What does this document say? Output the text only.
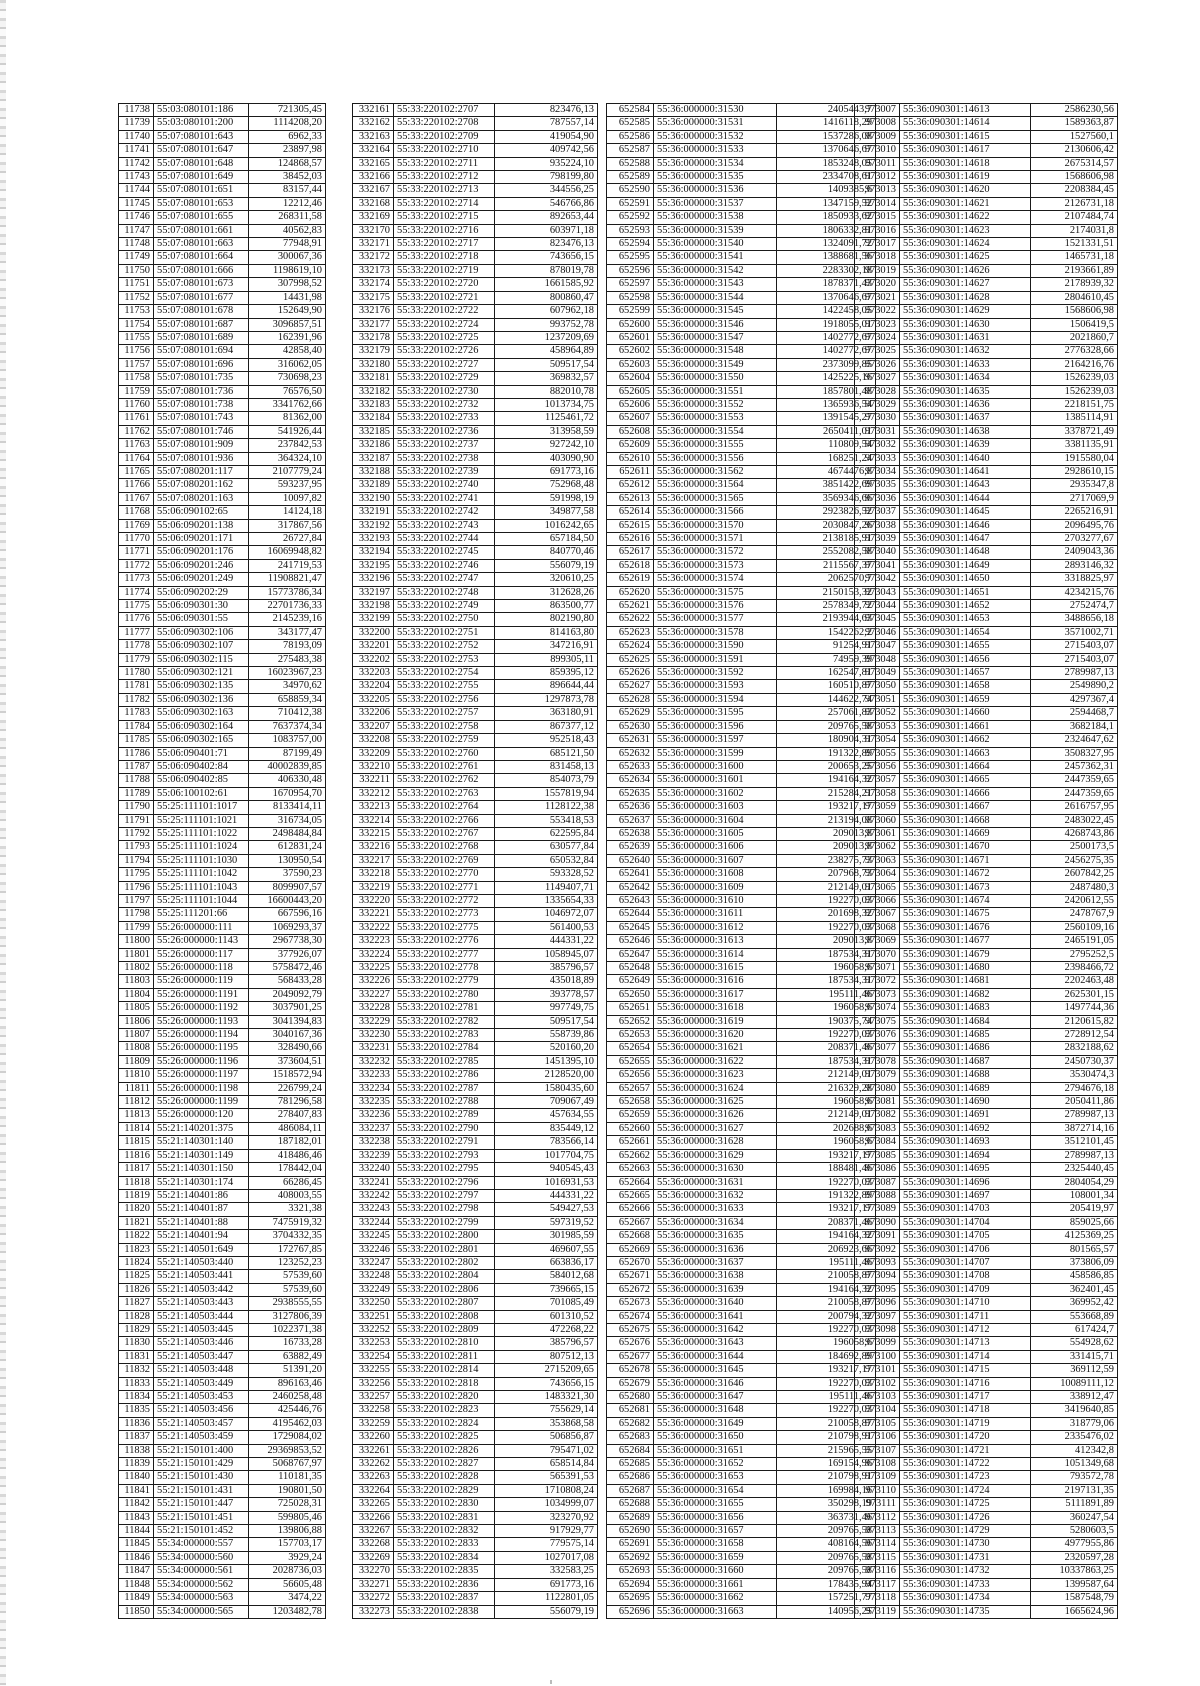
11738	55:03:080101:186	721305,45
11739	55:03:080101:200	1114208,20
11740	55:07:080101:643	6962,33
11741	55:07:080101:647	23897,98
11742	55:07:080101:648	124868,57
11743	55:07:080101:649	38452,03
11744	55:07:080101:651	83157,44
11745	55:07:080101:653	12212,46
11746	55:07:080101:655	268311,58
11747	55:07:080101:661	40562,83
11748	55:07:080101:663	77948,91
11749	55:07:080101:664	300067,36
11750	55:07:080101:666	1198619,10
11751	55:07:080101:673	307998,52
11752	55:07:080101:677	14431,98
11753	55:07:080101:678	152649,90
11754	55:07:080101:687	3096857,51
11755	55:07:080101:689	162391,96
11756	55:07:080101:694	42858,40
11757	55:07:080101:696	316062,05
11758	55:07:080101:735	730698,23
11759	55:07:080101:736	76576,50
11760	55:07:080101:738	3341762,66
11761	55:07:080101:743	81362,00
11762	55:07:080101:746	541926,44
11763	55:07:080101:909	237842,53
11764	55:07:080101:936	364324,10
11765	55:07:080201:117	2107779,24
11766	55:07:080201:162	593237,95
11767	55:07:080201:163	10097,82
11768	55:06:090102:65	14124,18
11769	55:06:090201:138	317867,56
11770	55:06:090201:171	26727,84
11771	55:06:090201:176	16069948,82
11772	55:06:090201:246	241719,53
11773	55:06:090201:249	11908821,47
11774	55:06:090202:29	15773786,34
11775	55:06:090301:30	22701736,33
11776	55:06:090301:55	2145239,16
11777	55:06:090302:106	343177,47
11778	55:06:090302:107	78193,09
11779	55:06:090302:115	275483,38
11780	55:06:090302:121	16023967,23
11781	55:06:090302:135	34970,62
11782	55:06:090302:136	658859,34
11783	55:06:090302:163	710412,38
11784	55:06:090302:164	7637374,34
11785	55:06:090302:165	1083757,00
11786	55:06:090401:71	87199,49
11787	55:06:090402:84	40002839,85
11788	55:06:090402:85	406330,48
11789	55:06:100102:61	1670954,70
11790	55:25:111101:1017	8133414,11
11791	55:25:111101:1021	316734,05
11792	55:25:111101:1022	2498484,84
11793	55:25:111101:1024	612831,24
11794	55:25:111101:1030	130950,54
11795	55:25:111101:1042	37590,23
11796	55:25:111101:1043	8099907,57
11797	55:25:111101:1044	16600443,20
11798	55:25:111201:66	667596,16
11799	55:26:000000:111	1069293,37
11800	55:26:000000:1143	2967738,30
11801	55:26:000000:117	377926,07
11802	55:26:000000:118	5758472,46
11803	55:26:000000:119	568433,28
11804	55:26:000000:1191	2049092,79
11805	55:26:000000:1192	3037901,25
11806	55:26:000000:1193	3041394,83
11807	55:26:000000:1194	3040167,36
11808	55:26:000000:1195	328490,66
11809	55:26:000000:1196	373604,51
11810	55:26:000000:1197	1518572,94
11811	55:26:000000:1198	226799,24
11812	55:26:000000:1199	781296,58
11813	55:26:000000:120	278407,83
11814	55:21:140201:375	486084,11
11815	55:21:140301:140	187182,01
11816	55:21:140301:149	418486,46
11817	55:21:140301:150	178442,04
11818	55:21:140301:174	66286,45
11819	55:21:140401:86	408003,55
11820	55:21:140401:87	3321,38
11821	55:21:140401:88	7475919,32
11822	55:21:140401:94	3704332,35
11823	55:21:140501:649	172767,85
11824	55:21:140503:440	123252,23
11825	55:21:140503:441	57539,60
11826	55:21:140503:442	57539,60
11827	55:21:140503:443	2938555,55
11828	55:21:140503:444	3127806,39
11829	55:21:140503:445	1022371,38
11830	55:21:140503:446	16733,28
11831	55:21:140503:447	63882,49
11832	55:21:140503:448	51391,20
11833	55:21:140503:449	896163,46
11834	55:21:140503:453	2460258,48
11835	55:21:140503:456	425446,76
11836	55:21:140503:457	4195462,03
11837	55:21:140503:459	1729084,02
11838	55:21:150101:400	29369853,52
11839	55:21:150101:429	5068767,97
11840	55:21:150101:430	110181,35
11841	55:21:150101:431	190801,50
11842	55:21:150101:447	725028,31
11843	55:21:150101:451	599805,46
11844	55:21:150101:452	139806,88
11845	55:34:000000:557	157703,17
11846	55:34:000000:560	3929,24
11847	55:34:000000:561	2028736,03
11848	55:34:000000:562	56605,48
11849	55:34:000000:563	3474,22
11850	55:34:000000:565	1203482,78
332161	55:33:220102:2707	823476,13
332162	55:33:220102:2708	787557,14
332163	55:33:220102:2709	419054,90
332164	55:33:220102:2710	409742,56
332165	55:33:220102:2711	935224,10
332166	55:33:220102:2712	798199,80
332167	55:33:220102:2713	344556,25
332168	55:33:220102:2714	546766,86
332169	55:33:220102:2715	892653,44
332170	55:33:220102:2716	603971,18
332171	55:33:220102:2717	823476,13
332172	55:33:220102:2718	743656,15
332173	55:33:220102:2719	878019,78
332174	55:33:220102:2720	1661585,92
332175	55:33:220102:2721	800860,47
332176	55:33:220102:2722	607962,18
332177	55:33:220102:2724	993752,78
332178	55:33:220102:2725	1237209,69
332179	55:33:220102:2726	458964,89
332180	55:33:220102:2727	509517,54
332181	55:33:220102:2729	369832,57
332182	55:33:220102:2730	882010,78
332183	55:33:220102:2732	1013734,75
332184	55:33:220102:2733	1125461,72
332185	55:33:220102:2736	313958,59
332186	55:33:220102:2737	927242,10
332187	55:33:220102:2738	403090,90
332188	55:33:220102:2739	691773,16
332189	55:33:220102:2740	752968,48
332190	55:33:220102:2741	591998,19
332191	55:33:220102:2742	349877,58
332192	55:33:220102:2743	1016242,65
332193	55:33:220102:2744	657184,50
332194	55:33:220102:2745	840770,46
332195	55:33:220102:2746	556079,19
332196	55:33:220102:2747	320610,25
332197	55:33:220102:2748	312628,26
332198	55:33:220102:2749	863500,77
332199	55:33:220102:2750	802190,80
332200	55:33:220102:2751	814163,80
332201	55:33:220102:2752	347216,91
332202	55:33:220102:2753	899305,11
332203	55:33:220102:2754	859395,12
332204	55:33:220102:2755	896644,44
332205	55:33:220102:2756	1297873,78
332206	55:33:220102:2757	363180,91
332207	55:33:220102:2758	867377,12
332208	55:33:220102:2759	952518,43
332209	55:33:220102:2760	685121,50
332210	55:33:220102:2761	831458,13
332211	55:33:220102:2762	854073,79
332212	55:33:220102:2763	1557819,94
332213	55:33:220102:2764	1128122,38
332214	55:33:220102:2766	553418,53
332215	55:33:220102:2767	622595,84
332216	55:33:220102:2768	630577,84
332217	55:33:220102:2769	650532,84
332218	55:33:220102:2770	593328,52
332219	55:33:220102:2771	1149407,71
332220	55:33:220102:2772	1335654,33
332221	55:33:220102:2773	1046972,07
332222	55:33:220102:2775	561400,53
332223	55:33:220102:2776	444331,22
332224	55:33:220102:2777	1058945,07
332225	55:33:220102:2778	385796,57
332226	55:33:220102:2779	435018,89
332227	55:33:220102:2780	393778,57
332228	55:33:220102:2781	997749,75
332229	55:33:220102:2782	509517,54
332230	55:33:220102:2783	558739,86
332231	55:33:220102:2784	520160,20
332232	55:33:220102:2785	1451395,10
332233	55:33:220102:2786	2128520,00
332234	55:33:220102:2787	1580435,60
332235	55:33:220102:2788	709067,49
332236	55:33:220102:2789	457634,55
332237	55:33:220102:2790	835449,12
332238	55:33:220102:2791	783566,14
332239	55:33:220102:2793	1017704,75
332240	55:33:220102:2795	940545,43
332241	55:33:220102:2796	1016931,53
332242	55:33:220102:2797	444331,22
332243	55:33:220102:2798	549427,53
332244	55:33:220102:2799	597319,52
332245	55:33:220102:2800	301985,59
332246	55:33:220102:2801	469607,55
332247	55:33:220102:2802	663836,17
332248	55:33:220102:2804	584012,68
332249	55:33:220102:2806	739665,15
332250	55:33:220102:2807	701085,49
332251	55:33:220102:2808	601310,52
332252	55:33:220102:2809	472268,22
332253	55:33:220102:2810	385796,57
332254	55:33:220102:2811	807512,13
332255	55:33:220102:2814	2715209,65
332256	55:33:220102:2818	743656,15
332257	55:33:220102:2820	1483321,30
332258	55:33:220102:2823	755629,14
332259	55:33:220102:2824	353868,58
332260	55:33:220102:2825	506856,87
332261	55:33:220102:2826	795471,02
332262	55:33:220102:2827	658514,84
332263	55:33:220102:2828	565391,53
332264	55:33:220102:2829	1710808,24
332265	55:33:220102:2830	1034999,07
332266	55:33:220102:2831	323270,92
332267	55:33:220102:2832	917929,77
332268	55:33:220102:2833	779575,14
332269	55:33:220102:2834	1027017,08
332270	55:33:220102:2835	332583,25
332271	55:33:220102:2836	691773,16
332272	55:33:220102:2837	1122801,05
332273	55:33:220102:2838	556079,19
652584	55:36:000000:31530	2405443,7
652585	55:36:000000:31531	1416118,29
652586	55:36:000000:31532	1537286,08
652587	55:36:000000:31533	1370646,67
652588	55:36:000000:31534	1853248,05
652589	55:36:000000:31535	2334708,61
652590	55:36:000000:31536	1409385,6
652591	55:36:000000:31537	1347159,52
652592	55:36:000000:31538	1850933,62
652593	55:36:000000:31539	1806332,81
652594	55:36:000000:31540	1324091,72
652595	55:36:000000:31541	1388681,56
652596	55:36:000000:31542	2283302,18
652597	55:36:000000:31543	1878371,43
652598	55:36:000000:31544	1370646,67
652599	55:36:000000:31545	1422458,05
652600	55:36:000000:31546	1918055,01
652601	55:36:000000:31547	1402772,67
652602	55:36:000000:31548	1402772,67
652603	55:36:000000:31549	2373099,85
652604	55:36:000000:31550	1425225,16
652605	55:36:000000:31551	1857801,48
652606	55:36:000000:31552	1365936,54
652607	55:36:000000:31553	1391545,27
652608	55:36:000000:31554	2650411,01
652609	55:36:000000:31555	110809,54
652610	55:36:000000:31556	168251,24
652611	55:36:000000:31562	4674476,8
652612	55:36:000000:31564	3851422,69
652613	55:36:000000:31565	3569346,66
652614	55:36:000000:31566	2923826,52
652615	55:36:000000:31570	2030847,26
652616	55:36:000000:31571	2138185,91
652617	55:36:000000:31572	2552082,58
652618	55:36:000000:31573	2115567,37
652619	55:36:000000:31574	2062570,7
652620	55:36:000000:31575	2150153,32
652621	55:36:000000:31576	2578349,72
652622	55:36:000000:31577	2193944,63
652623	55:36:000000:31578	1542262,2
652624	55:36:000000:31590	91254,91
652625	55:36:000000:31591	74959,39
652626	55:36:000000:31592	162547,81
652627	55:36:000000:31593	160510,87
652628	55:36:000000:31594	144622,74
652629	55:36:000000:31595	257061,83
652630	55:36:000000:31596	209765,58
652631	55:36:000000:31597	180904,31
652632	55:36:000000:31599	191322,89
652633	55:36:000000:31600	200653,25
652634	55:36:000000:31601	194164,32
652635	55:36:000000:31602	215284,21
652636	55:36:000000:31603	193217,17
652637	55:36:000000:31604	213194,08
652638	55:36:000000:31605	209013,8
652639	55:36:000000:31606	209013,8
652640	55:36:000000:31607	238275,73
652641	55:36:000000:31608	207968,73
652642	55:36:000000:31609	212149,01
652643	55:36:000000:31610	192270,03
652644	55:36:000000:31611	201698,32
652645	55:36:000000:31612	192270,03
652646	55:36:000000:31613	209013,8
652647	55:36:000000:31614	187534,31
652648	55:36:000000:31615	196058,6
652649	55:36:000000:31616	187534,31
652650	55:36:000000:31617	195111,46
652651	55:36:000000:31618	196058,6
652652	55:36:000000:31619	190375,74
652653	55:36:000000:31620	192270,03
652654	55:36:000000:31621	208371,46
652655	55:36:000000:31622	187534,31
652656	55:36:000000:31623	212149,01
652657	55:36:000000:31624	216329,28
652658	55:36:000000:31625	196058,6
652659	55:36:000000:31626	212149,01
652660	55:36:000000:31627	202688,6
652661	55:36:000000:31628	196058,6
652662	55:36:000000:31629	193217,17
652663	55:36:000000:31630	188481,46
652664	55:36:000000:31631	192270,03
652665	55:36:000000:31632	191322,89
652666	55:36:000000:31633	193217,17
652667	55:36:000000:31634	208371,46
652668	55:36:000000:31635	194164,32
652669	55:36:000000:31636	206923,66
652670	55:36:000000:31637	195111,46
652671	55:36:000000:31638	210058,87
652672	55:36:000000:31639	194164,32
652673	55:36:000000:31640	210058,87
652674	55:36:000000:31641	200794,32
652675	55:36:000000:31642	192270,03
652676	55:36:000000:31643	196058,6
652677	55:36:000000:31644	184692,89
652678	55:36:000000:31645	193217,17
652679	55:36:000000:31646	192270,03
652680	55:36:000000:31647	195111,46
652681	55:36:000000:31648	192270,03
652682	55:36:000000:31649	210058,87
652683	55:36:000000:31650	210798,91
652684	55:36:000000:31651	215965,55
652685	55:36:000000:31652	169154,96
652686	55:36:000000:31653	210798,91
652687	55:36:000000:31654	169984,16
652688	55:36:000000:31655	350298,19
652689	55:36:000000:31656	363731,46
652690	55:36:000000:31657	209765,58
652691	55:36:000000:31658	408164,56
652692	55:36:000000:31659	209765,58
652693	55:36:000000:31660	209765,58
652694	55:36:000000:31661	178435,94
652695	55:36:000000:31662	157251,77
652696	55:36:000000:31663	140956,25
973007	55:36:090301:14613	2586230,56
973008	55:36:090301:14614	1589363,87
973009	55:36:090301:14615	1527560,1
973010	55:36:090301:14617	2130606,42
973011	55:36:090301:14618	2675314,57
973012	55:36:090301:14619	1568606,98
973013	55:36:090301:14620	2208384,45
973014	55:36:090301:14621	2126731,18
973015	55:36:090301:14622	2107484,74
973016	55:36:090301:14623	2174031,8
973017	55:36:090301:14624	1521331,51
973018	55:36:090301:14625	1465731,18
973019	55:36:090301:14626	2193661,89
973020	55:36:090301:14627	2178939,32
973021	55:36:090301:14628	2804610,45
973022	55:36:090301:14629	1568606,98
973023	55:36:090301:14630	1506419,5
973024	55:36:090301:14631	2021860,7
973025	55:36:090301:14632	2776328,66
973026	55:36:090301:14633	2164216,76
973027	55:36:090301:14634	1526239,03
973028	55:36:090301:14635	1526239,03
973029	55:36:090301:14636	2218151,75
973030	55:36:090301:14637	1385114,91
973031	55:36:090301:14638	3378721,49
973032	55:36:090301:14639	3381135,91
973033	55:36:090301:14640	1915580,04
973034	55:36:090301:14641	2928610,15
973035	55:36:090301:14643	2935347,8
973036	55:36:090301:14644	2717069,9
973037	55:36:090301:14645	2265216,91
973038	55:36:090301:14646	2096495,76
973039	55:36:090301:14647	2703277,67
973040	55:36:090301:14648	2409043,36
973041	55:36:090301:14649	2893146,32
973042	55:36:090301:14650	3318825,97
973043	55:36:090301:14651	4234215,76
973044	55:36:090301:14652	2752474,7
973045	55:36:090301:14653	3488656,18
973046	55:36:090301:14654	3571002,71
973047	55:36:090301:14655	2715403,07
973048	55:36:090301:14656	2715403,07
973049	55:36:090301:14657	2789987,13
973050	55:36:090301:14658	2549890,2
973051	55:36:090301:14659	4297367,4
973052	55:36:090301:14660	2594468,7
973053	55:36:090301:14661	3682184,1
973054	55:36:090301:14662	2324647,62
973055	55:36:090301:14663	3508327,95
973056	55:36:090301:14664	2457362,31
973057	55:36:090301:14665	2447359,65
973058	55:36:090301:14666	2447359,65
973059	55:36:090301:14667	2616757,95
973060	55:36:090301:14668	2483022,45
973061	55:36:090301:14669	4268743,86
973062	55:36:090301:14670	2500173,5
973063	55:36:090301:14671	2456275,35
973064	55:36:090301:14672	2607842,25
973065	55:36:090301:14673	2487480,3
973066	55:36:090301:14674	2420612,55
973067	55:36:090301:14675	2478767,9
973068	55:36:090301:14676	2560109,16
973069	55:36:090301:14677	2465191,05
973070	55:36:090301:14679	2795252,5
973071	55:36:090301:14680	2398466,72
973072	55:36:090301:14681	2202463,48
973073	55:36:090301:14682	2625301,15
973074	55:36:090301:14683	1497744,36
973075	55:36:090301:14684	2120615,82
973076	55:36:090301:14685	2728912,54
973077	55:36:090301:14686	2832188,62
973078	55:36:090301:14687	2450730,37
973079	55:36:090301:14688	3530474,3
973080	55:36:090301:14689	2794676,18
973081	55:36:090301:14690	2050411,86
973082	55:36:090301:14691	2789987,13
973083	55:36:090301:14692	3872714,16
973084	55:36:090301:14693	3512101,45
973085	55:36:090301:14694	2789987,13
973086	55:36:090301:14695	2325440,45
973087	55:36:090301:14696	2804054,29
973088	55:36:090301:14697	108001,34
973089	55:36:090301:14703	205419,97
973090	55:36:090301:14704	859025,66
973091	55:36:090301:14705	4125369,25
973092	55:36:090301:14706	801565,57
973093	55:36:090301:14707	373806,09
973094	55:36:090301:14708	458586,85
973095	55:36:090301:14709	362401,45
973096	55:36:090301:14710	369952,42
973097	55:36:090301:14711	553668,89
973098	55:36:090301:14712	617424,7
973099	55:36:090301:14713	554928,62
973100	55:36:090301:14714	331415,71
973101	55:36:090301:14715	369112,59
973102	55:36:090301:14716	10089111,12
973103	55:36:090301:14717	338912,47
973104	55:36:090301:14718	3419640,85
973105	55:36:090301:14719	318779,06
973106	55:36:090301:14720	2335476,02
973107	55:36:090301:14721	412342,8
973108	55:36:090301:14722	1051349,68
973109	55:36:090301:14723	793572,78
973110	55:36:090301:14724	2197131,35
973111	55:36:090301:14725	5111891,89
973112	55:36:090301:14726	360247,54
973113	55:36:090301:14729	5280603,5
973114	55:36:090301:14730	4977955,86
973115	55:36:090301:14731	2320597,28
973116	55:36:090301:14732	10337863,25
973117	55:36:090301:14733	1399587,64
973118	55:36:090301:14734	1587548,79
973119	55:36:090301:14735	1665624,96
